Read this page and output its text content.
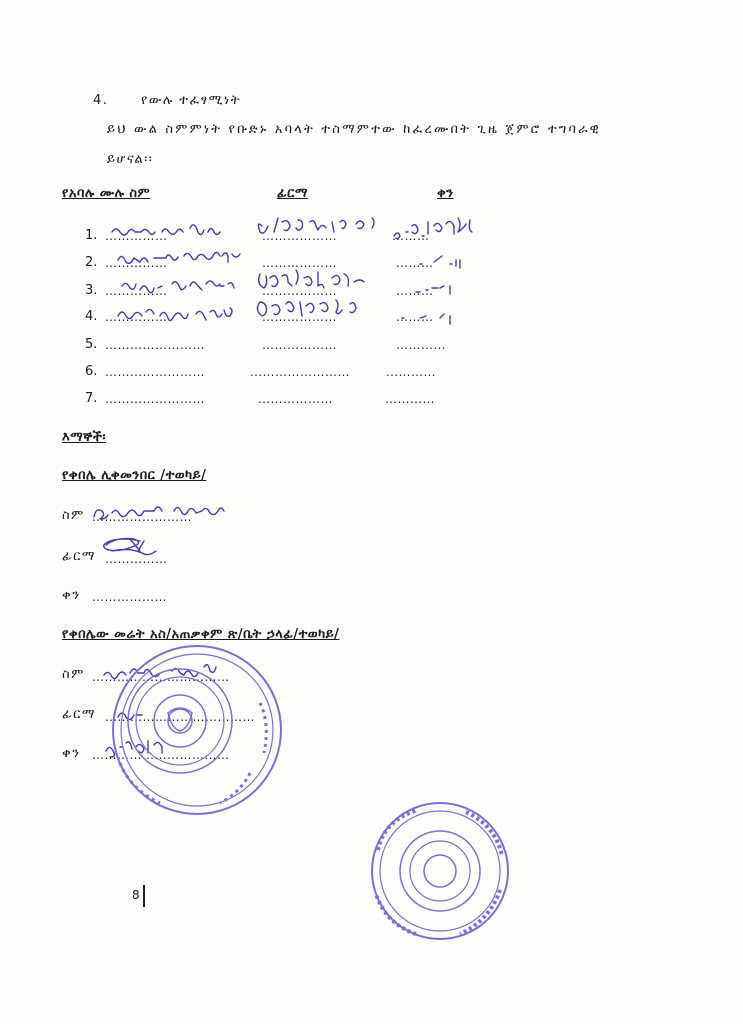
4.	የውሉ ተፈፃሚነት
ይህ ውል ስምምነት የቡድኑ አባላት ተስማምተው ከፈረሙበት ጊዜ ጀምሮ ተግባራዊ
ይሆናል፡፡
የአባሉ ሙሉ ስም	ፊርማ	ቀን
1. ……………	………………	………
2. ……………	………………	………
3. ……………	………………	………
4. ……………	………………	………
5. ……………………	………………	…………
6. ……………………	……………………	…………
7. ……………………	………………	…………
እማኞች፡
የቀበሌ ሊቀመንበር /ተወካይ/
ስም ……………………
ፊርማ ……………
ቀን ………………
የቀበሌው መሬት አስ/አጠቃቀም ጽ/ቤት ኃላፊ/ተወካይ/
ስም ……………………………
ፊርማ ………………………………
ቀን ……………………………
8
